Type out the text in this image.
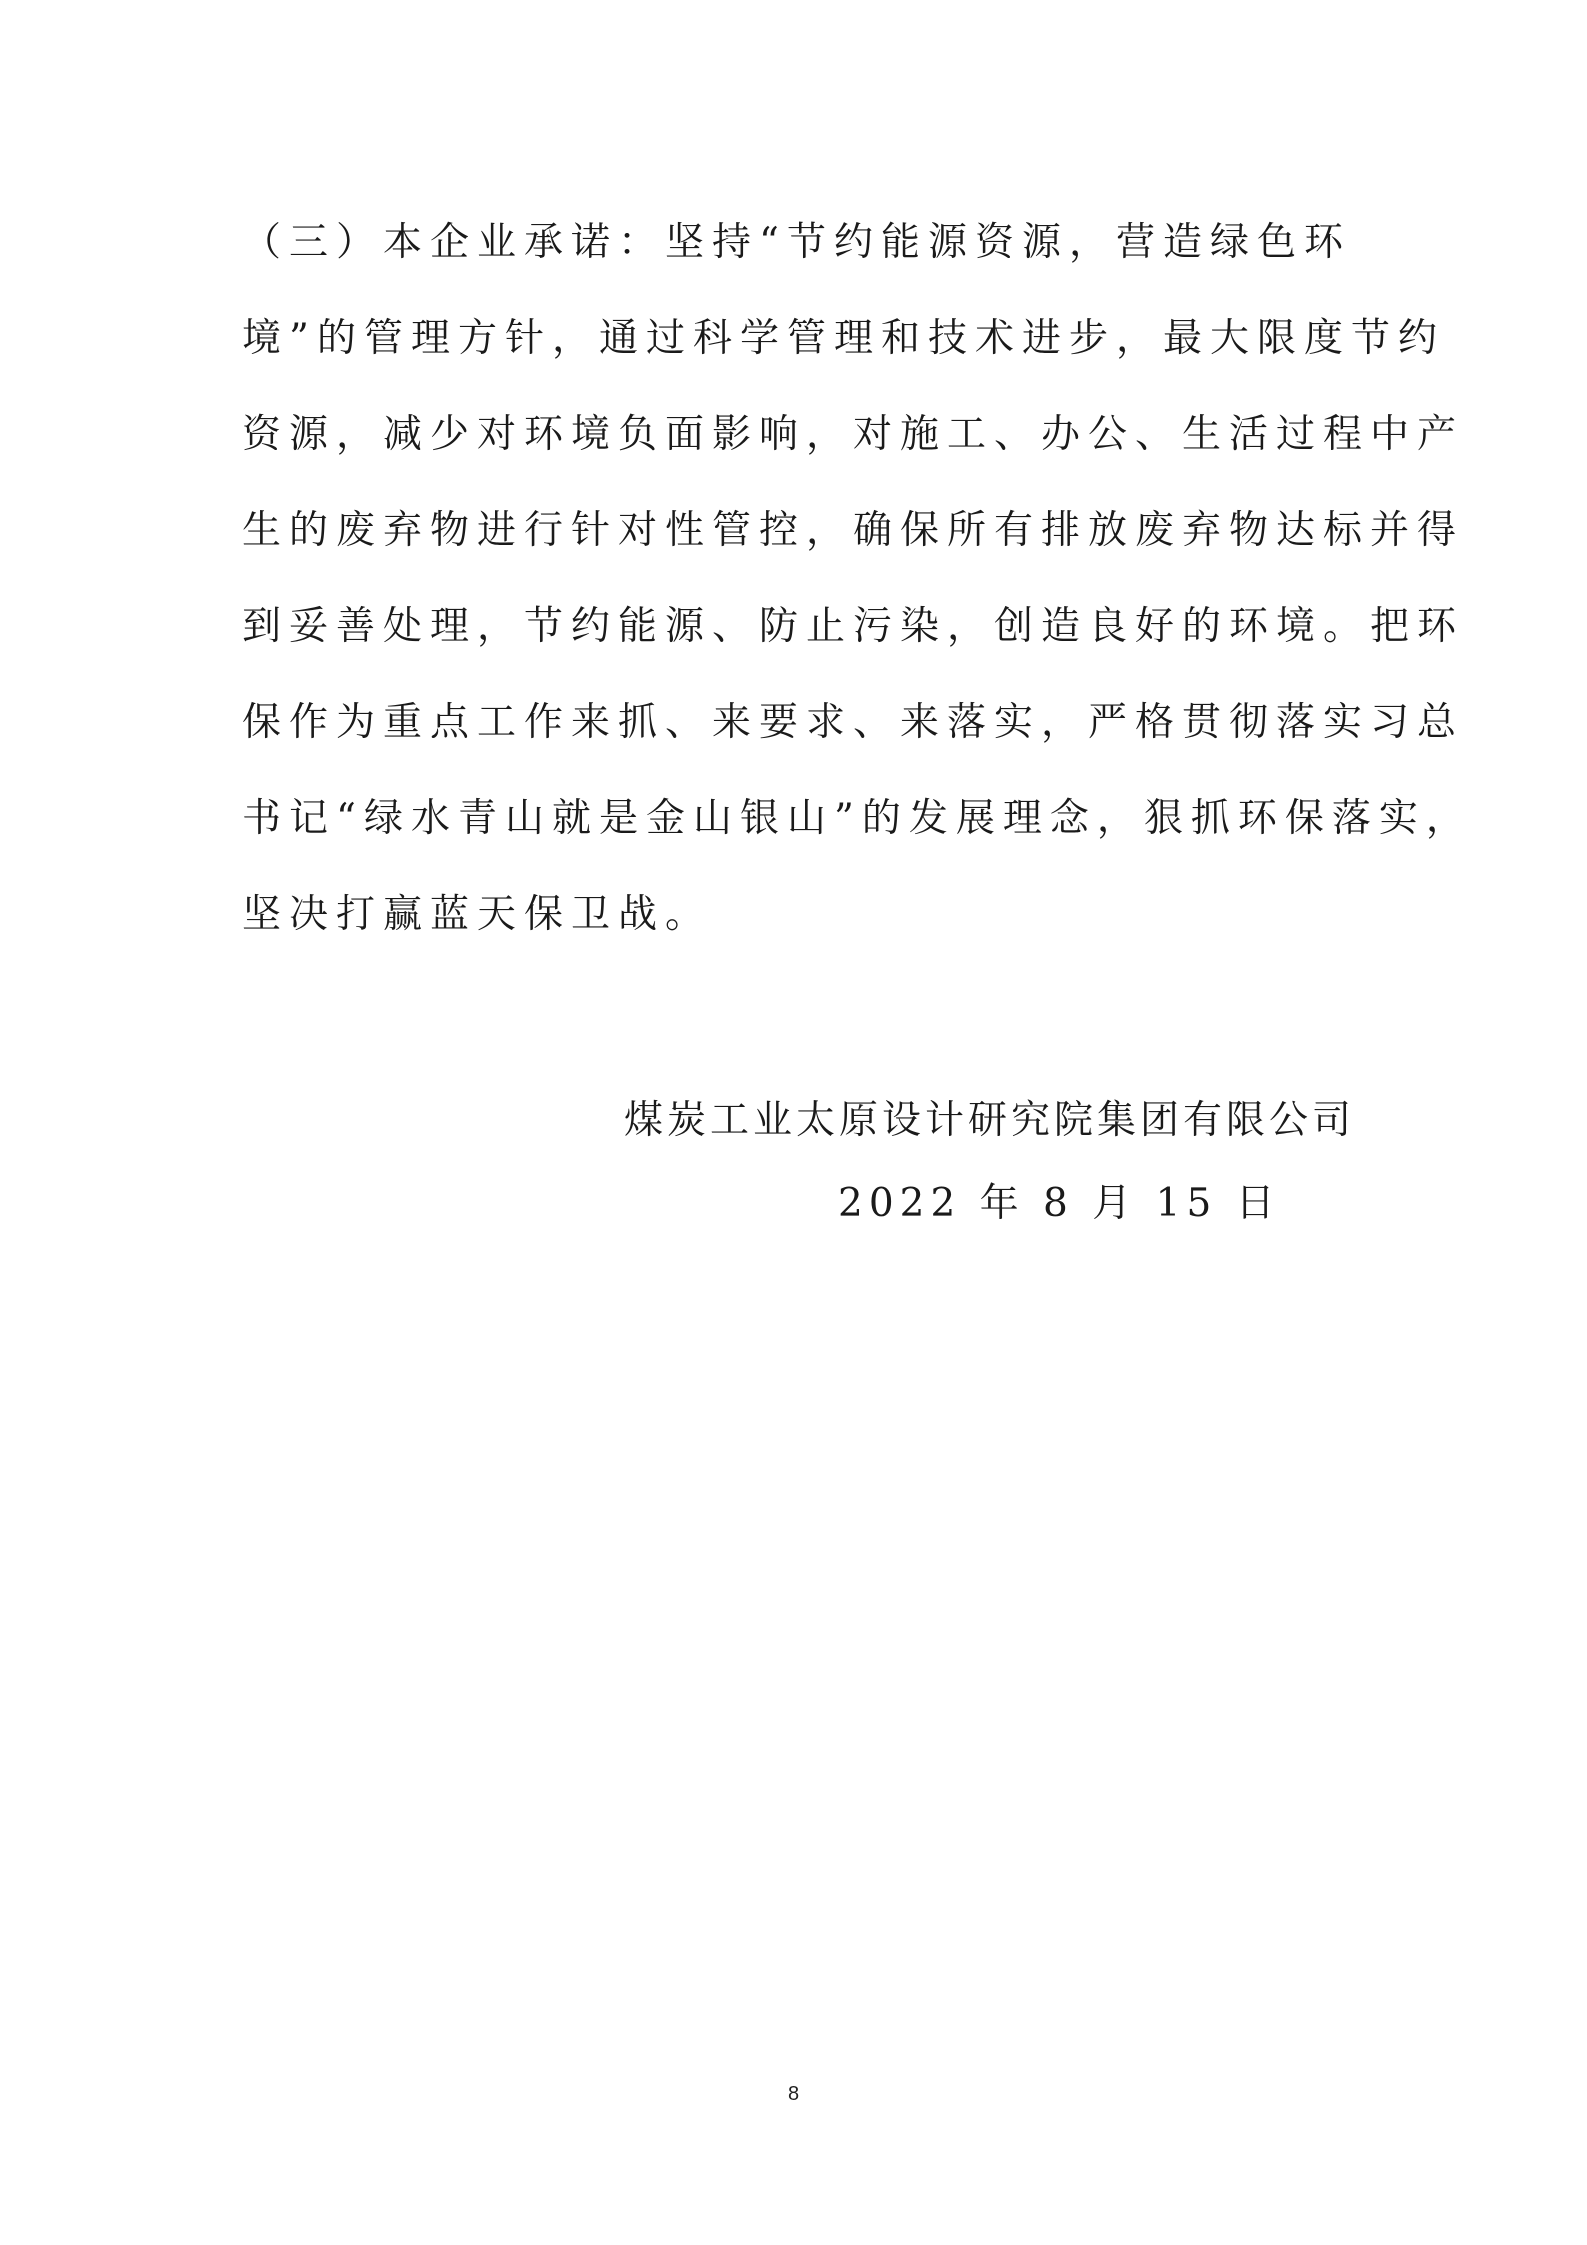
（三）本企业承诺：坚持“节约能源资源，营造绿色环
境”的管理方针，通过科学管理和技术进步，最大限度节约
资源，减少对环境负面影响，对施工、办公、生活过程中产
生的废弃物进行针对性管控，确保所有排放废弃物达标并得
到妥善处理，节约能源、防止污染，创造良好的环境。把环
保作为重点工作来抓、来要求、来落实，严格贯彻落实习总
书记“绿水青山就是金山银山”的发展理念，狠抓环保落实，
坚决打赢蓝天保卫战。
煤炭工业太原设计研究院集团有限公司
2022 年 8 月 15 日
8
